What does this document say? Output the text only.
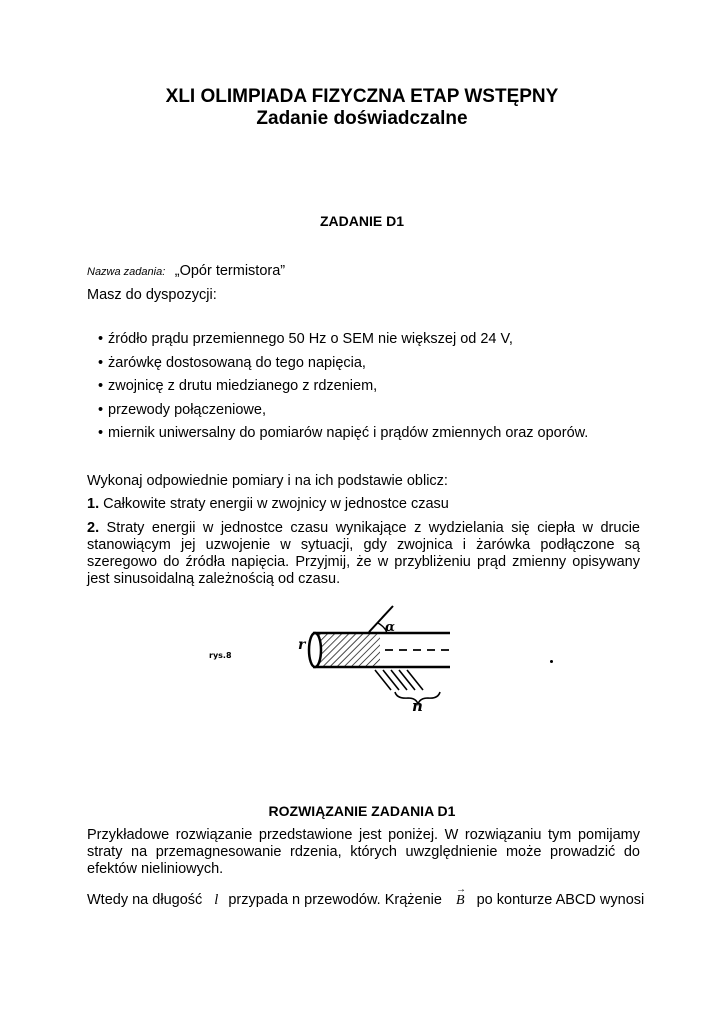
XLI OLIMPIADA FIZYCZNA ETAP WSTĘPNY
Zadanie doświadczalne
ZADANIE D1
Nazwa zadania: „Opór termistora”
Masz do dyspozycji:
• źródło prądu przemiennego 50 Hz o SEM nie większej od 24 V,
• żarówkę dostosowaną do tego napięcia,
• zwojnicę z drutu miedzianego z rdzeniem,
• przewody połączeniowe,
• miernik uniwersalny do pomiarów napięć i prądów zmiennych oraz oporów.
Wykonaj odpowiednie pomiary i na ich podstawie oblicz:
1. Całkowite straty energii w zwojnicy w jednostce czasu
2. Straty energii w jednostce czasu wynikające z wydzielania się ciepła w drucie stanowiącym jej uzwojenie w sytuacji, gdy zwojnica i żarówka podłączone są szeregowo do źródła napięcia. Przyjmij, że w przybliżeniu prąd zmienny opisywany jest sinusoidalną zależnością od czasu.
rys.8
α
r
n
ROZWIĄZANIE ZADANIA D1
Przykładowe rozwiązanie przedstawione jest poniżej. W rozwiązaniu tym pomijamy straty na przemagnesowanie rdzenia, których uwzględnienie może prowadzić do efektów nieliniowych.
Wtedy na długość l przypada n przewodów. Krążenie
→
B po konturze ABCD wynosi
